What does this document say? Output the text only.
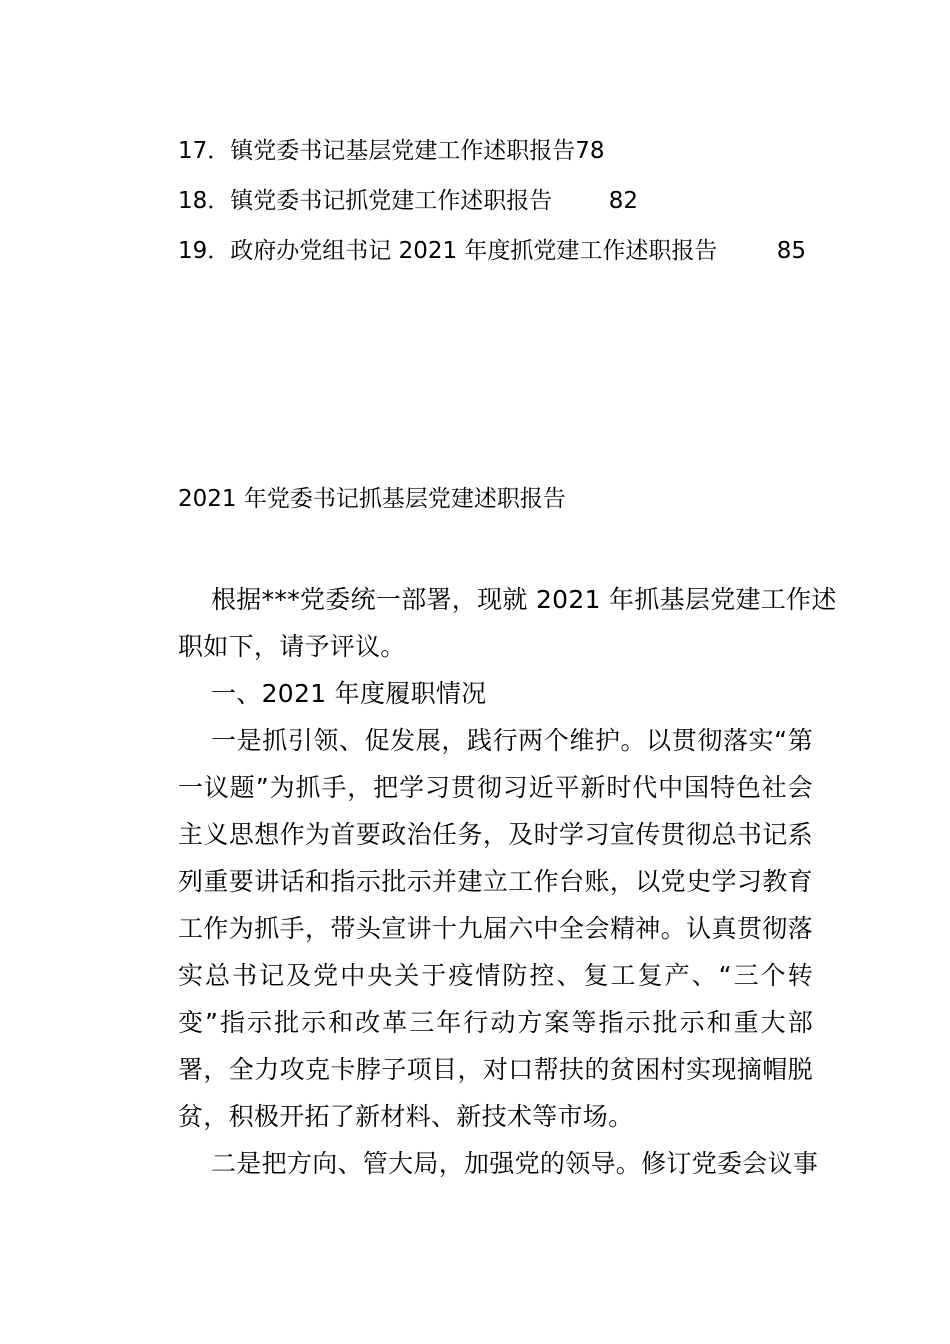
17．镇党委书记基层党建工作述职报告78
18．镇党委书记抓党建工作述职报告 82
19．政府办党组书记 2021 年度抓党建工作述职报告	85
2021 年党委书记抓基层党建述职报告
根据***党委统一部署，现就 2021 年抓基层党建工作述
职如下，请予评议。
一、2021 年度履职情况
一是抓引领、促发展，践行两个维护。以贯彻落实“第
一议题”为抓手，把学习贯彻习近平新时代中国特色社会
主义思想作为首要政治任务，及时学习宣传贯彻总书记系
列重要讲话和指示批示并建立工作台账，以党史学习教育
工作为抓手，带头宣讲十九届六中全会精神。认真贯彻落
实总书记及党中央关于疫情防控、复工复产、“三个转
变”指示批示和改革三年行动方案等指示批示和重大部
署，全力攻克卡脖子项目，对口帮扶的贫困村实现摘帽脱
贫，积极开拓了新材料、新技术等市场。
二是把方向、管大局，加强党的领导。修订党委会议事
